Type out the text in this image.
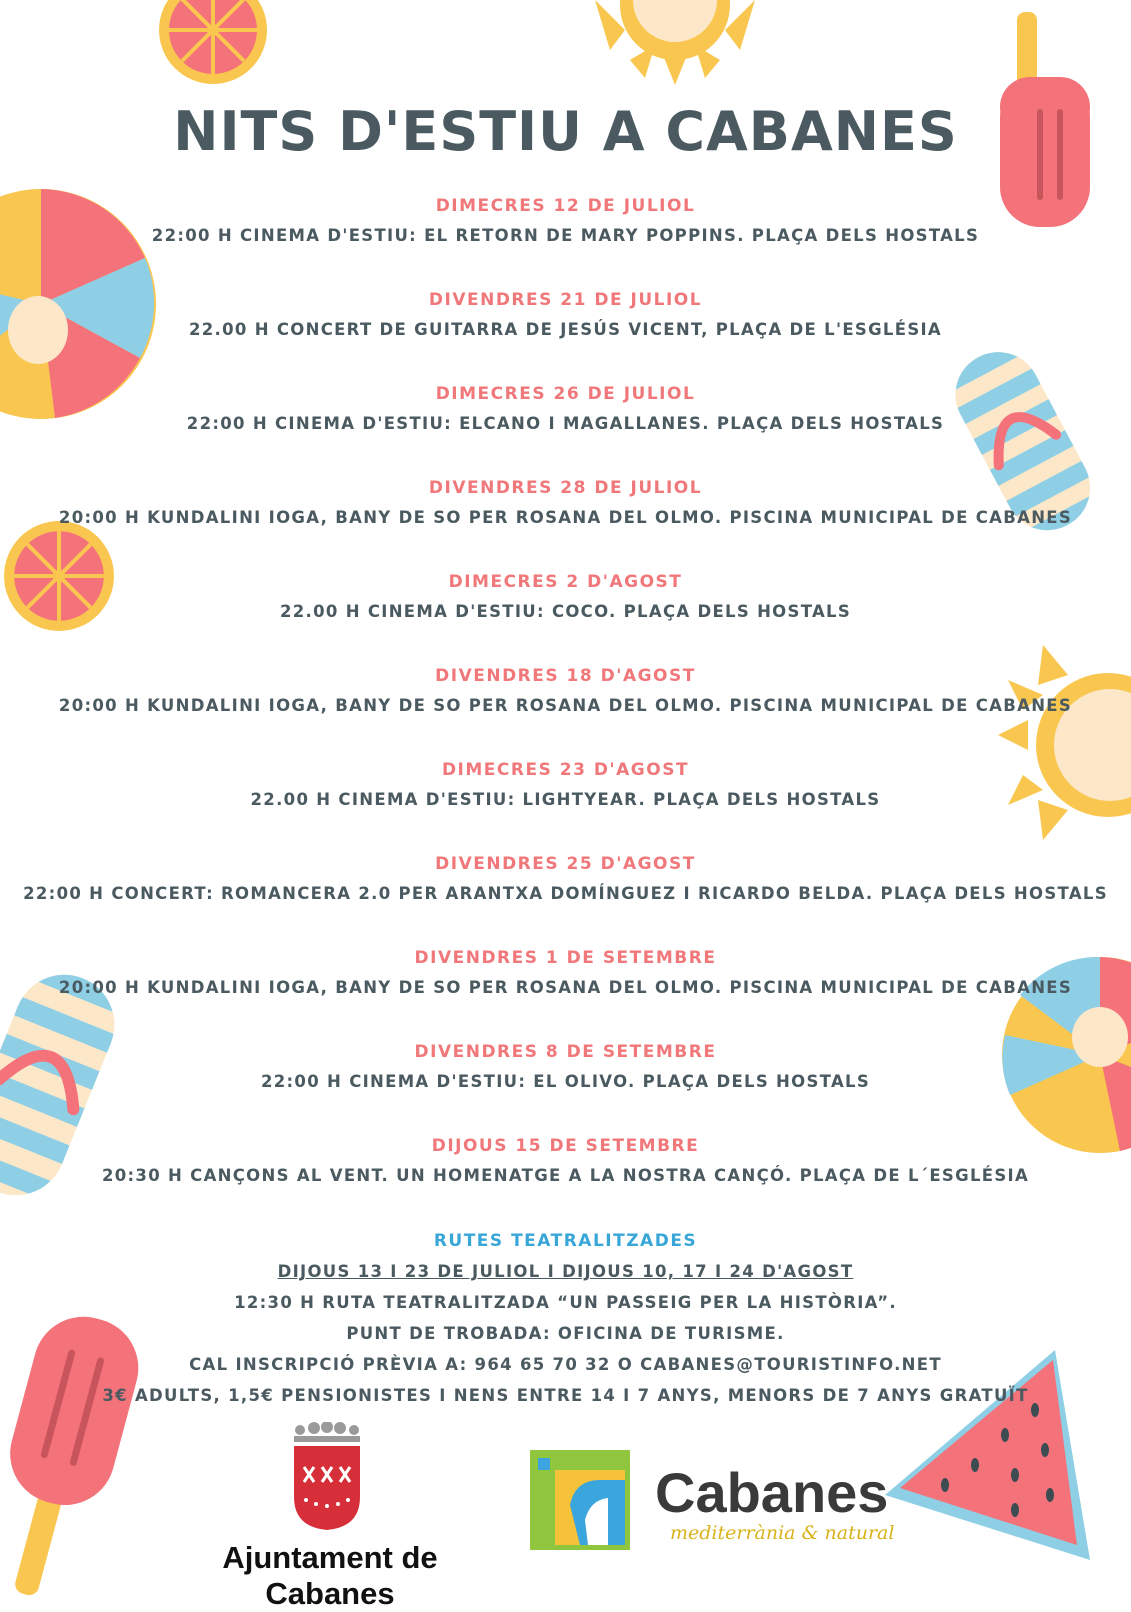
NITS D'ESTIU A CABANES
DIMECRES 12 DE JULIOL
22:00 H CINEMA D'ESTIU: EL RETORN DE MARY POPPINS. PLAÇA DELS HOSTALS
DIVENDRES 21 DE JULIOL
22.00 H CONCERT DE GUITARRA DE JESÚS VICENT, PLAÇA DE L'ESGLÉSIA
DIMECRES 26 DE JULIOL
22:00 H CINEMA D'ESTIU: ELCANO I MAGALLANES. PLAÇA DELS HOSTALS
DIVENDRES 28 DE JULIOL
20:00 H KUNDALINI IOGA, BANY DE SO PER ROSANA DEL OLMO. PISCINA MUNICIPAL DE CABANES
DIMECRES 2 D'AGOST
22.00 H CINEMA D'ESTIU: COCO. PLAÇA DELS HOSTALS
DIVENDRES 18 D'AGOST
20:00 H KUNDALINI IOGA, BANY DE SO PER ROSANA DEL OLMO. PISCINA MUNICIPAL DE CABANES
DIMECRES 23 D'AGOST
22.00 H CINEMA D'ESTIU: LIGHTYEAR. PLAÇA DELS HOSTALS
DIVENDRES 25 D'AGOST
22:00 H CONCERT: ROMANCERA 2.0 PER ARANTXA DOMÍNGUEZ I RICARDO BELDA. PLAÇA DELS HOSTALS
DIVENDRES 1 DE SETEMBRE
20:00 H KUNDALINI IOGA, BANY DE SO PER ROSANA DEL OLMO. PISCINA MUNICIPAL DE CABANES
DIVENDRES 8 DE SETEMBRE
22:00 H CINEMA D'ESTIU: EL OLIVO. PLAÇA DELS HOSTALS
DIJOUS 15 DE SETEMBRE
20:30 H CANÇONS AL VENT. UN HOMENATGE A LA NOSTRA CANÇÓ. PLAÇA DE L´ESGLÉSIA
RUTES TEATRALITZADES
DIJOUS 13 I 23 DE JULIOL I DIJOUS 10, 17 I 24 D'AGOST
12:30 H RUTA TEATRALITZADA “UN PASSEIG PER LA HISTÒRIA”.
PUNT DE TROBADA: OFICINA DE TURISME.
CAL INSCRIPCIÓ PRÈVIA A: 964 65 70 32 O CABANES@TOURISTINFO.NET
3€ ADULTS, 1,5€ PENSIONISTES I NENS ENTRE 14 I 7 ANYS, MENORS DE 7 ANYS GRATUÏT
Ajuntament de Cabanes
Cabanes
mediterrània & natural
